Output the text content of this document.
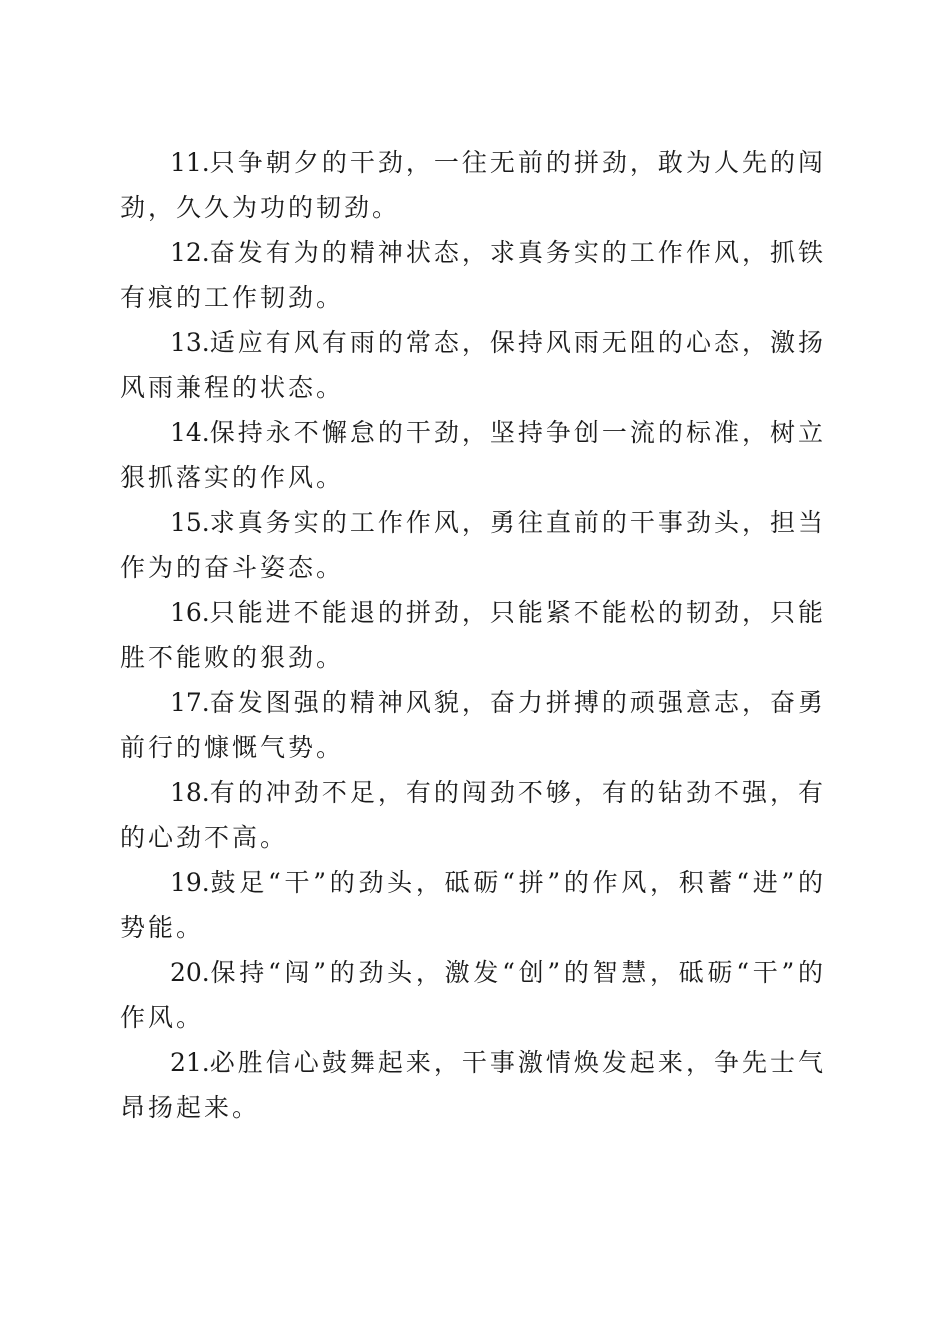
11.只争朝夕的干劲，一往无前的拼劲，敢为人先的闯劲，久久为功的韧劲。

12.奋发有为的精神状态，求真务实的工作作风，抓铁有痕的工作韧劲。

13.适应有风有雨的常态，保持风雨无阻的心态，激扬风雨兼程的状态。

14.保持永不懈怠的干劲，坚持争创一流的标准，树立狠抓落实的作风。

15.求真务实的工作作风，勇往直前的干事劲头，担当作为的奋斗姿态。

16.只能进不能退的拼劲，只能紧不能松的韧劲，只能胜不能败的狠劲。

17.奋发图强的精神风貌，奋力拼搏的顽强意志，奋勇前行的慷慨气势。

18.有的冲劲不足，有的闯劲不够，有的钻劲不强，有的心劲不高。

19.鼓足“干”的劲头，砥砺“拼”的作风，积蓄“进”的势能。

20.保持“闯”的劲头，激发“创”的智慧，砥砺“干”的作风。

21.必胜信心鼓舞起来，干事激情焕发起来，争先士气昂扬起来。
